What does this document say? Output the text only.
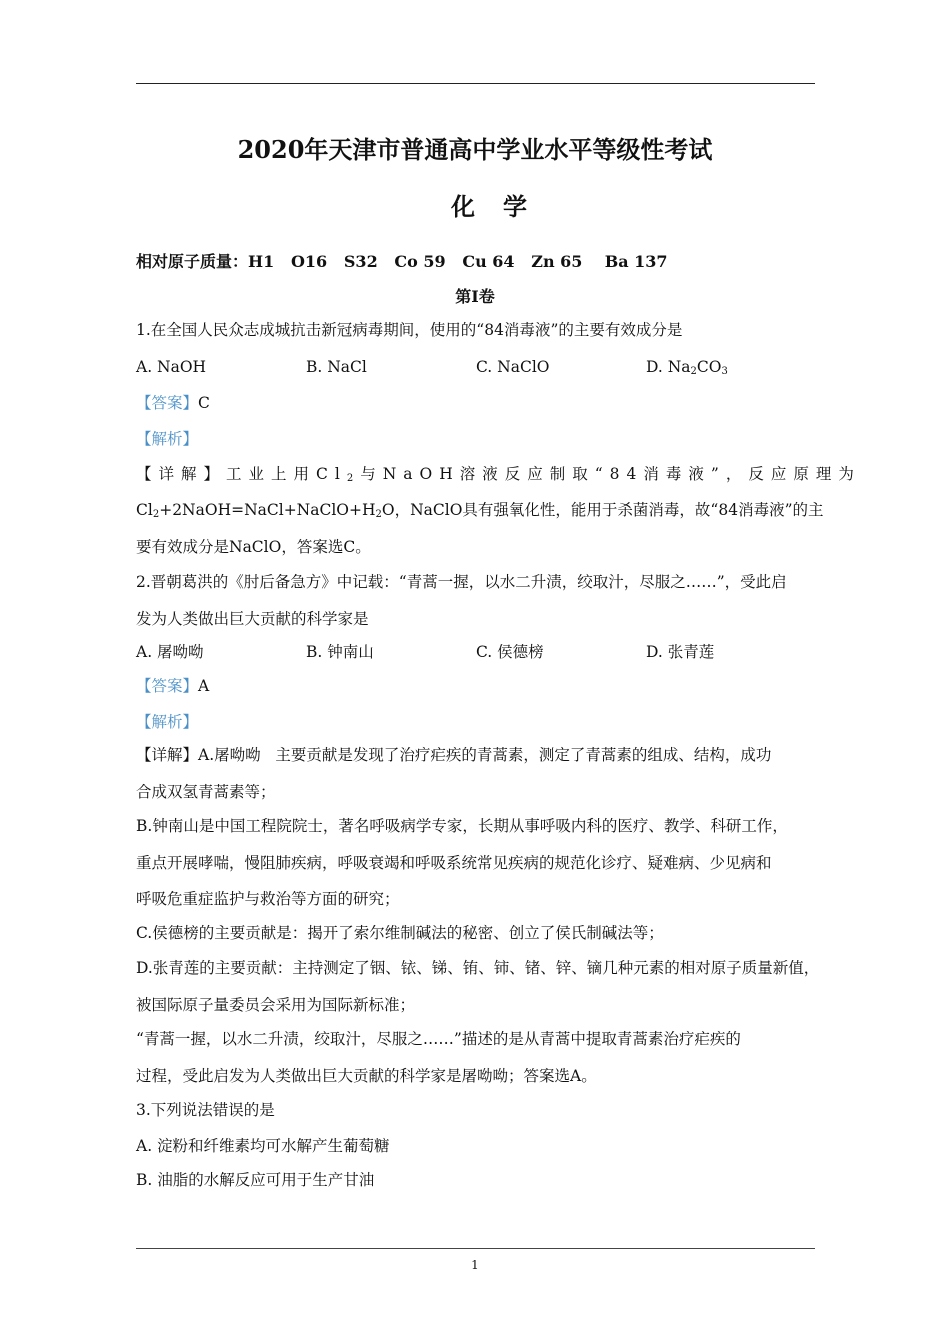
2020年天津市普通高中学业水平等级性考试
化学
相对原子质量：H1   O16   S32   Co 59   Cu 64   Zn 65    Ba 137
第Ⅰ卷
1.在全国人民众志成城抗击新冠病毒期间，使用的“84消毒液”的主要有效成分是
A. NaOH	B. NaCl	C. NaClO	D. $Na_2CO_3$
【答案】C
【解析】
【详解】工业上用$Cl_2$与NaOH溶液反应制取“84消毒液”，反应原理为
$Cl_2+2NaOH=NaCl+NaClO+H_2O$，NaClO具有强氧化性，能用于杀菌消毒，故“84消毒液”的主
要有效成分是NaClO，答案选C。
2.晋朝葛洪的《肘后备急方》中记载：“青蒿一握，以水二升渍，绞取汁，尽服之……”，受此启
发为人类做出巨大贡献的科学家是
A. 屠呦呦	B. 钟南山	C. 侯德榜	D. 张青莲
【答案】A
【解析】
【详解】A.屠呦呦   主要贡献是发现了治疗疟疾的青蒿素，测定了青蒿素的组成、结构，成功
合成双氢青蒿素等；
B.钟南山是中国工程院院士，著名呼吸病学专家，长期从事呼吸内科的医疗、教学、科研工作，
重点开展哮喘，慢阻肺疾病，呼吸衰竭和呼吸系统常见疾病的规范化诊疗、疑难病、少见病和
呼吸危重症监护与救治等方面的研究；
C.侯德榜的主要贡献是：揭开了索尔维制碱法的秘密、创立了侯氏制碱法等；
D.张青莲的主要贡献：主持测定了铟、铱、锑、铕、铈、锗、锌、镝几种元素的相对原子质量新值，
被国际原子量委员会采用为国际新标准；
“青蒿一握，以水二升渍，绞取汁，尽服之……”描述的是从青蒿中提取青蒿素治疗疟疾的
过程，受此启发为人类做出巨大贡献的科学家是屠呦呦；答案选A。
3.下列说法错误的是
A. 淀粉和纤维素均可水解产生葡萄糖
B. 油脂的水解反应可用于生产甘油
1
